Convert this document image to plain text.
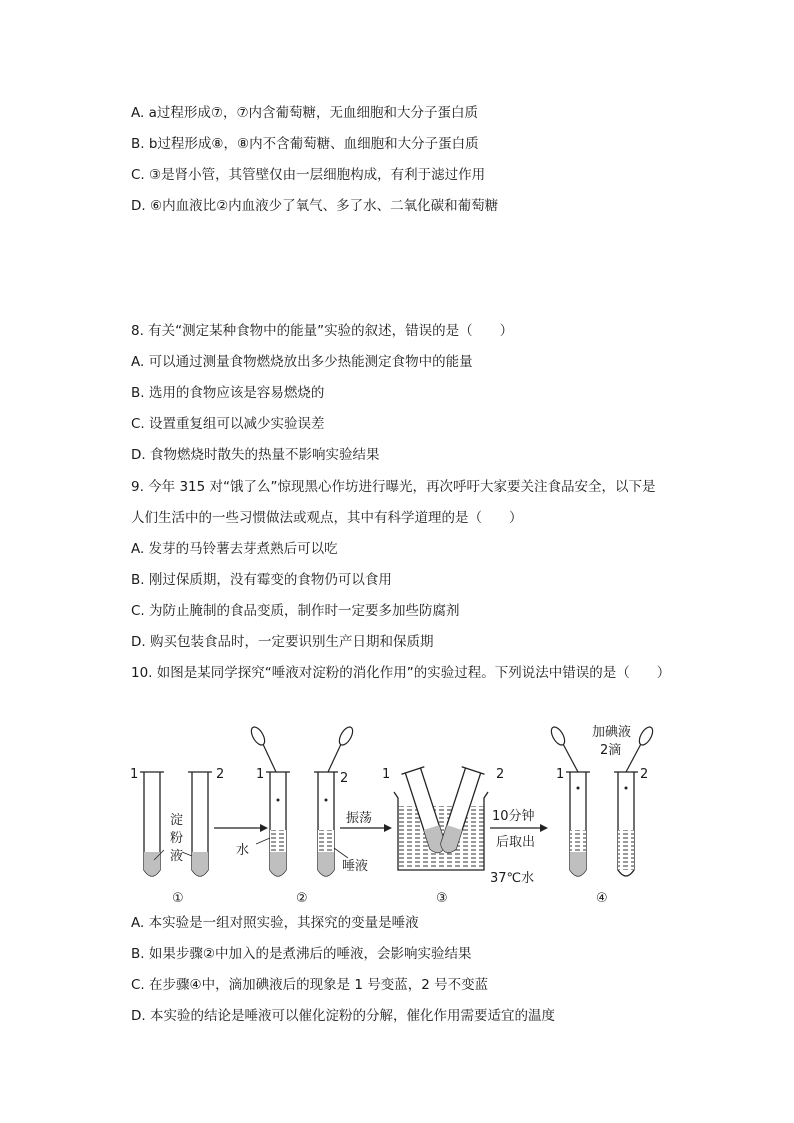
A. a过程形成⑦，⑦内含葡萄糖，无血细胞和大分子蛋白质
B. b过程形成⑧，⑧内不含葡萄糖、血细胞和大分子蛋白质
C. ③是肾小管，其管壁仅由一层细胞构成，有利于滤过作用
D. ⑥内血液比②内血液少了氧气、多了水、二氧化碳和葡萄糖
8. 有关“测定某种食物中的能量”实验的叙述，错误的是（　　）
A. 可以通过测量食物燃烧放出多少热能测定食物中的能量
B. 选用的食物应该是容易燃烧的
C. 设置重复组可以减少实验误差
D. 食物燃烧时散失的热量不影响实验结果
9. 今年 315 对“饿了么”惊现黑心作坊进行曝光，再次呼吁大家要关注食品安全，以下是
人们生活中的一些习惯做法或观点，其中有科学道理的是（　　）
A. 发芽的马铃薯去芽煮熟后可以吃
B. 刚过保质期，没有霉变的食物仍可以食用
C. 为防止腌制的食品变质，制作时一定要多加些防腐剂
D. 购买包装食品时，一定要识别生产日期和保质期
10. 如图是某同学探究“唾液对淀粉的消化作用”的实验过程。下列说法中错误的是（　　）
1	2
淀
粉
液
①
1	2
水
唾液
②
振荡
1	2
37℃水
③
10分钟
后取出
加碘液
2滴
1	2
④
A. 本实验是一组对照实验，其探究的变量是唾液
B. 如果步骤②中加入的是煮沸后的唾液，会影响实验结果
C. 在步骤④中，滴加碘液后的现象是 1 号变蓝，2 号不变蓝
D. 本实验的结论是唾液可以催化淀粉的分解，催化作用需要适宜的温度
